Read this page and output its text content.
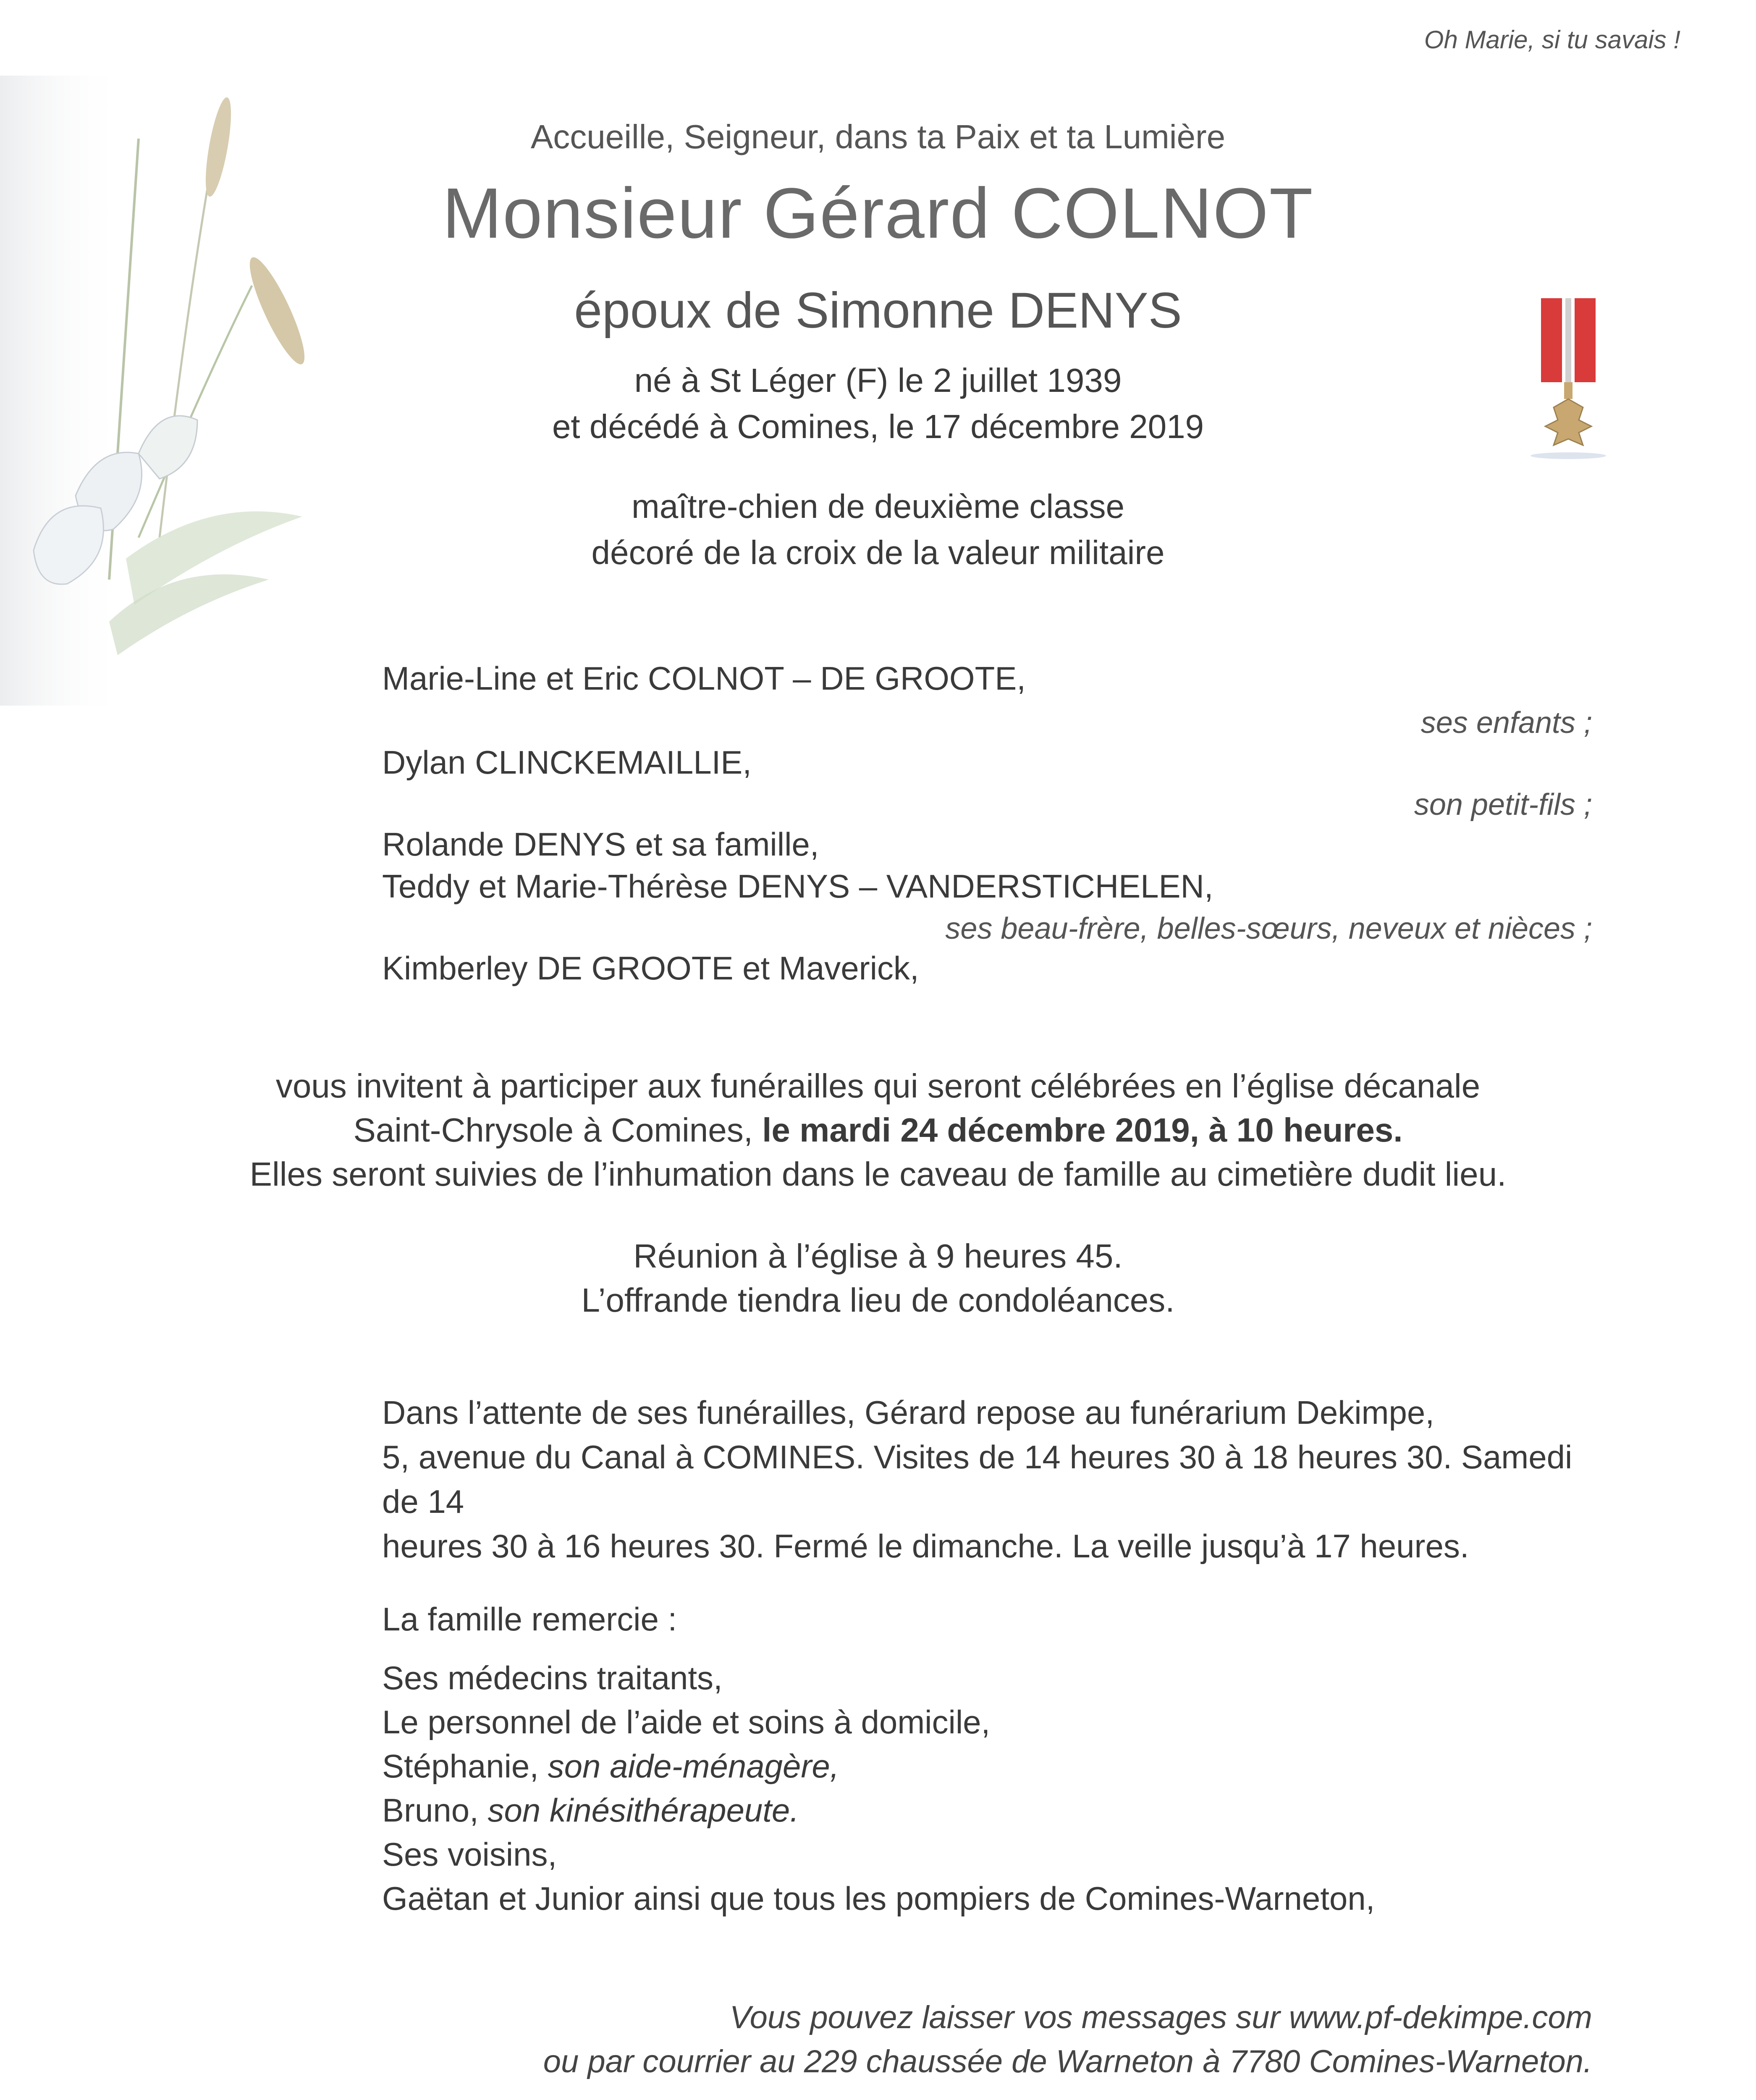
Oh Marie, si tu savais !
Accueille, Seigneur, dans ta Paix et ta Lumière
Monsieur Gérard COLNOT
époux de Simonne DENYS
né à St Léger (F) le 2 juillet 1939
et décédé à Comines, le 17 décembre 2019
maître-chien de deuxième classe
décoré de la croix de la valeur militaire
Marie-Line et Eric COLNOT – DE GROOTE,
ses enfants ;
Dylan CLINCKEMAILLIE,
son petit-fils ;
Rolande DENYS et sa famille,
Teddy et Marie-Thérèse DENYS – VANDERSTICHELEN,
ses beau-frère, belles-sœurs, neveux et nièces ;
Kimberley DE GROOTE et Maverick,
vous invitent à participer aux funérailles qui seront célébrées en l’église décanale
Saint-Chrysole à Comines, le mardi 24 décembre 2019, à 10 heures.
Elles seront suivies de l’inhumation dans le caveau de famille au cimetière dudit lieu.
Réunion à l’église à 9 heures 45.
L’offrande tiendra lieu de condoléances.
Dans l’attente de ses funérailles, Gérard repose au funérarium Dekimpe,
5, avenue du Canal à COMINES. Visites de 14 heures 30 à 18 heures 30. Samedi de 14
heures 30 à 16 heures 30. Fermé le dimanche. La veille jusqu’à 17 heures.
La famille remercie :
Ses médecins traitants,
Le personnel de l’aide et soins à domicile,
Stéphanie, son aide-ménagère,
Bruno, son kinésithérapeute.
Ses voisins,
Gaëtan et Junior ainsi que tous les pompiers de Comines-Warneton,
Vous pouvez laisser vos messages sur www.pf-dekimpe.com
ou par courrier au 229 chaussée de Warneton à 7780 Comines-Warneton.
